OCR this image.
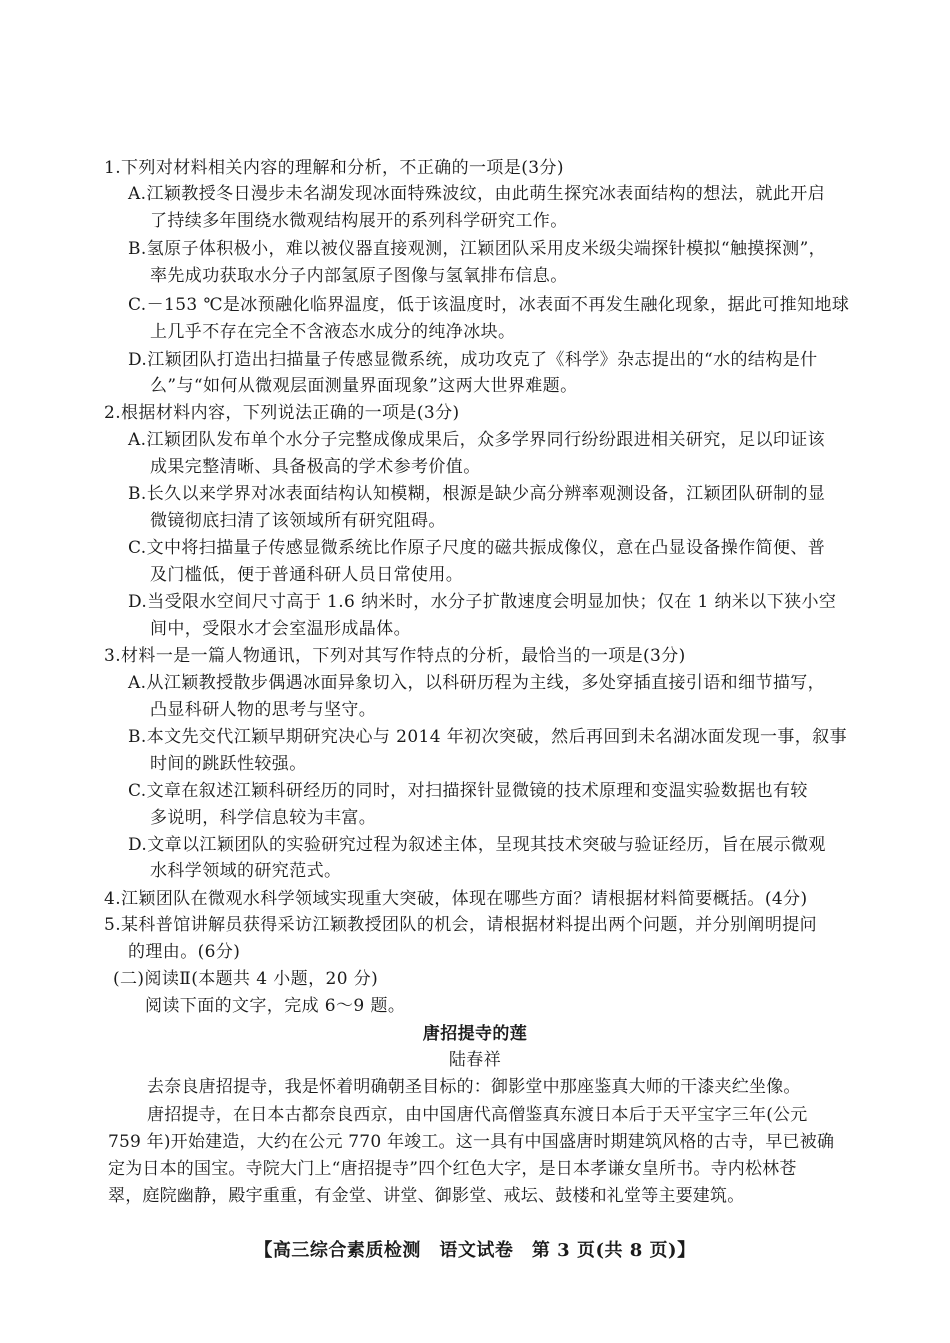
1.下列对材料相关内容的理解和分析，不正确的一项是(3分)
A.江颖教授冬日漫步未名湖发现冰面特殊波纹，由此萌生探究冰表面结构的想法，就此开启
了持续多年围绕水微观结构展开的系列科学研究工作。
B.氢原子体积极小，难以被仪器直接观测，江颖团队采用皮米级尖端探针模拟“触摸探测”，
率先成功获取水分子内部氢原子图像与氢氧排布信息。
C.－153 ℃是冰预融化临界温度，低于该温度时，冰表面不再发生融化现象，据此可推知地球
上几乎不存在完全不含液态水成分的纯净冰块。
D.江颖团队打造出扫描量子传感显微系统，成功攻克了《科学》杂志提出的“水的结构是什
么”与“如何从微观层面测量界面现象”这两大世界难题。
2.根据材料内容，下列说法正确的一项是(3分)
A.江颖团队发布单个水分子完整成像成果后，众多学界同行纷纷跟进相关研究，足以印证该
成果完整清晰、具备极高的学术参考价值。
B.长久以来学界对冰表面结构认知模糊，根源是缺少高分辨率观测设备，江颖团队研制的显
微镜彻底扫清了该领域所有研究阻碍。
C.文中将扫描量子传感显微系统比作原子尺度的磁共振成像仪，意在凸显设备操作简便、普
及门槛低，便于普通科研人员日常使用。
D.当受限水空间尺寸高于 1.6 纳米时，水分子扩散速度会明显加快；仅在 1 纳米以下狭小空
间中，受限水才会室温形成晶体。
3.材料一是一篇人物通讯，下列对其写作特点的分析，最恰当的一项是(3分)
A.从江颖教授散步偶遇冰面异象切入，以科研历程为主线，多处穿插直接引语和细节描写，
凸显科研人物的思考与坚守。
B.本文先交代江颖早期研究决心与 2014 年初次突破，然后再回到未名湖冰面发现一事，叙事
时间的跳跃性较强。
C.文章在叙述江颖科研经历的同时，对扫描探针显微镜的技术原理和变温实验数据也有较
多说明，科学信息较为丰富。
D.文章以江颖团队的实验研究过程为叙述主体，呈现其技术突破与验证经历，旨在展示微观
水科学领域的研究范式。
4.江颖团队在微观水科学领域实现重大突破，体现在哪些方面？请根据材料简要概括。(4分)
5.某科普馆讲解员获得采访江颖教授团队的机会，请根据材料提出两个问题，并分别阐明提问
的理由。(6分)
(二)阅读Ⅱ(本题共 4 小题，20 分)
阅读下面的文字，完成 6～9 题。
唐招提寺的莲
陆春祥
去奈良唐招提寺，我是怀着明确朝圣目标的：御影堂中那座鉴真大师的干漆夹纻坐像。
唐招提寺，在日本古都奈良西京，由中国唐代高僧鉴真东渡日本后于天平宝字三年(公元
759 年)开始建造，大约在公元 770 年竣工。这一具有中国盛唐时期建筑风格的古寺，早已被确
定为日本的国宝。寺院大门上“唐招提寺”四个红色大字，是日本孝谦女皇所书。寺内松林苍
翠，庭院幽静，殿宇重重，有金堂、讲堂、御影堂、戒坛、鼓楼和礼堂等主要建筑。
【高三综合素质检测　语文试卷　第 3 页(共 8 页)】
